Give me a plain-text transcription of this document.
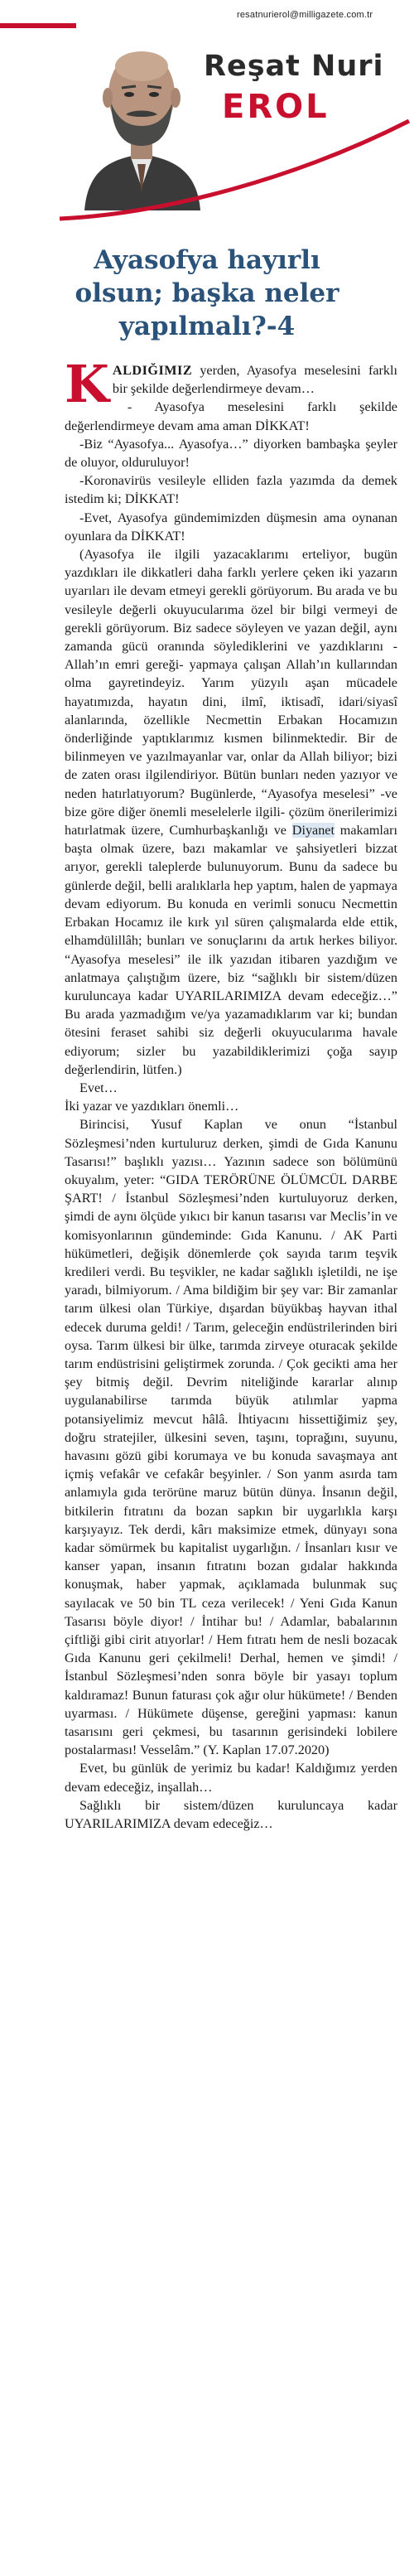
resatnurierol@milligazete.com.tr
Reşat Nuri
EROL
Ayasofya hayırlı
olsun; başka neler
yapılmalı?-4

KALDIĞIMIZ yerden, Ayasofya meselesini farklı bir şekilde değerlendirmeye devam…

- Ayasofya meselesini farklı şekilde değerlendirmeye devam ama aman DİKKAT!

-Biz “Ayasofya... Ayasofya…” diyorken bambaşka şeyler de oluyor, olduruluyor!

-Koronavirüs vesileyle elliden fazla yazımda da demek istedim ki; DİKKAT!

-Evet, Ayasofya gündemimizden düşmesin ama oynanan oyunlara da DİKKAT!

(Ayasofya ile ilgili yazacaklarımı erteliyor, bugün yazdıkları ile dikkatleri daha farklı yerlere çeken iki yazarın uyarıları ile devam etmeyi gerekli görüyorum. Bu arada ve bu vesileyle değerli okuyucularıma özel bir bilgi vermeyi de gerekli görüyorum. Biz sadece söyleyen ve yazan değil, aynı zamanda gücü oranında söylediklerini ve yazdıklarını -Allah’ın emri gereği- yapmaya çalışan Allah’ın kullarından olma gayretindeyiz. Yarım yüzyılı aşan mücadele hayatımızda, hayatın dini, ilmî, iktisadî, idari/siyasî alanlarında, özellikle Necmettin Erbakan Hocamızın önderliğinde yaptıklarımız kısmen bilinmektedir. Bir de bilinmeyen ve yazılmayanlar var, onlar da Allah biliyor; bizi de zaten orası ilgilendiriyor. Bütün bunları neden yazıyor ve neden hatırlatıyorum? Bugünlerde, “Ayasofya meselesi” -ve bize göre diğer önemli meselelerle ilgili- çözüm önerilerimizi hatırlatmak üzere, Cumhurbaşkanlığı ve Diyanet makamları başta olmak üzere, bazı makamlar ve şahsiyetleri bizzat arıyor, gerekli taleplerde bulunuyorum. Bunu da sadece bu günlerde değil, belli aralıklarla hep yaptım, halen de yapmaya devam ediyorum. Bu konuda en verimli sonucu Necmettin Erbakan Hocamız ile kırk yıl süren çalışmalarda elde ettik, elhamdülillâh; bunları ve sonuçlarını da artık herkes biliyor. “Ayasofya meselesi” ile ilk yazıdan itibaren yazdığım ve anlatmaya çalıştığım üzere, biz “sağlıklı bir sistem/düzen kuruluncaya kadar UYARILARIMIZA devam edeceğiz…” Bu arada yazmadığım ve/ya yazamadıklarım var ki; bundan ötesini feraset sahibi siz değerli okuyucularıma havale ediyorum; sizler bu yazabildiklerimizi çoğa sayıp değerlendirin, lütfen.)

Evet…

İki yazar ve yazdıkları önemli…

Birincisi, Yusuf Kaplan ve onun “İstanbul Sözleşmesi’nden kurtuluruz derken, şimdi de Gıda Kanunu Tasarısı!” başlıklı yazısı… Yazının sadece son bölümünü okuyalım, yeter: “GIDA TERÖRÜNE ÖLÜMCÜL DARBE ŞART! / İstanbul Sözleşmesi’nden kurtuluyoruz derken, şimdi de aynı ölçüde yıkıcı bir kanun tasarısı var Meclis’in ve komisyonlarının gündeminde: Gıda Kanunu. / AK Parti hükümetleri, değişik dönemlerde çok sayıda tarım teşvik kredileri verdi. Bu teşvikler, ne kadar sağlıklı işletildi, ne işe yaradı, bilmiyorum. / Ama bildiğim bir şey var: Bir zamanlar tarım ülkesi olan Türkiye, dışardan büyükbaş hayvan ithal edecek duruma geldi! / Tarım, geleceğin endüstrilerinden biri oysa. Tarım ülkesi bir ülke, tarımda zirveye oturacak şekilde tarım endüstrisini geliştirmek zorunda. / Çok gecikti ama her şey bitmiş değil. Devrim niteliğinde kararlar alınıp uygulanabilirse tarımda büyük atılımlar yapma potansiyelimiz mevcut hâlâ. İhtiyacını hissettiğimiz şey, doğru stratejiler, ülkesini seven, taşını, toprağını, suyunu, havasını gözü gibi korumaya ve bu konuda savaşmaya ant içmiş vefakâr ve cefakâr beşyinler. / Son yanm asırda tam anlamıyla gıda terörüne maruz bütün dünya. İnsanın değil, bitkilerin fıtratını da bozan sapkın bir uygarlıkla karşı karşıyayız. Tek derdi, kârı maksimize etmek, dünyayı sona kadar sömürmek bu kapitalist uygarlığın. / İnsanları kısır ve kanser yapan, insanın fıtratını bozan gıdalar hakkında konuşmak, haber yapmak, açıklamada bulunmak suç sayılacak ve 50 bin TL ceza verilecek! / Yeni Gıda Kanun Tasarısı böyle diyor! / İntihar bu! / Adamlar, babalarının çiftliği gibi cirit atıyorlar! / Hem fıtratı hem de nesli bozacak Gıda Kanunu geri çekilmeli! Derhal, hemen ve şimdi! / İstanbul Sözleşmesi’nden sonra böyle bir yasayı toplum kaldıramaz! Bunun faturası çok ağır olur hükümete! / Benden uyarması. / Hükümete düşense, gereğini yapması: kanun tasarısını geri çekmesi, bu tasarının gerisindeki lobilere postalarması! Vesselâm.” (Y. Kaplan 17.07.2020)

Evet, bu günlük de yerimiz bu kadar! Kaldığımız yerden devam edeceğiz, inşallah…

Sağlıklı bir sistem/düzen kuruluncaya kadar UYARILARIMIZA devam edeceğiz…
